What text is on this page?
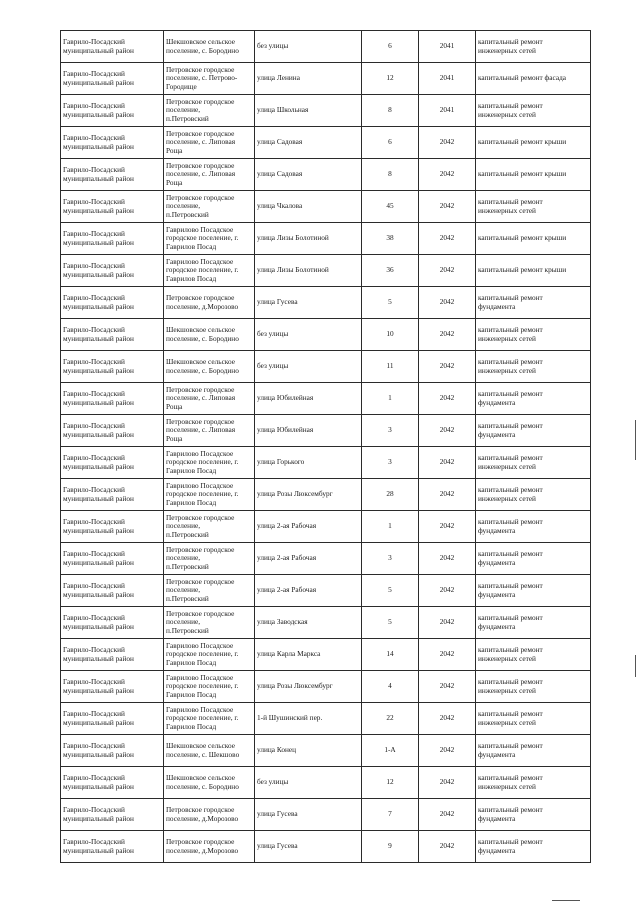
Гаврило-Посадский
муниципальный район	Шекшовское сельское
поселение, с. Бородино	без улицы	6	2041	капитальный ремонт
инженерных сетей

Гаврило-Посадский
муниципальный район	Петровское городское
поселение, с. Петрово-
Городище	улица Ленина	12	2041	капитальный ремонт фасада

Гаврило-Посадский
муниципальный район	Петровское городское
поселение,
п.Петровский	улица Школьная	8	2041	капитальный ремонт
инженерных сетей

Гаврило-Посадский
муниципальный район	Петровское городское
поселение, с. Липовая
Роща	улица Садовая	6	2042	капитальный ремонт крыши

Гаврило-Посадский
муниципальный район	Петровское городское
поселение, с. Липовая
Роща	улица Садовая	8	2042	капитальный ремонт крыши

Гаврило-Посадский
муниципальный район	Петровское городское
поселение,
п.Петровский	улица Чкалова	45	2042	капитальный ремонт
инженерных сетей

Гаврило-Посадский
муниципальный район	Гаврилово Посадское
городское поселение, г.
Гаврилов Посад	улица Лизы Болотиной	38	2042	капитальный ремонт крыши

Гаврило-Посадский
муниципальный район	Гаврилово Посадское
городское поселение, г.
Гаврилов Посад	улица Лизы Болотиной	36	2042	капитальный ремонт крыши

Гаврило-Посадский
муниципальный район	Петровское городское
поселение, д.Морозово	улица Гусева	5	2042	капитальный ремонт
фундамента

Гаврило-Посадский
муниципальный район	Шекшовское сельское
поселение, с. Бородино	без улицы	10	2042	капитальный ремонт
инженерных сетей

Гаврило-Посадский
муниципальный район	Шекшовское сельское
поселение, с. Бородино	без улицы	11	2042	капитальный ремонт
инженерных сетей

Гаврило-Посадский
муниципальный район	Петровское городское
поселение, с. Липовая
Роща	улица Юбилейная	1	2042	капитальный ремонт
фундамента

Гаврило-Посадский
муниципальный район	Петровское городское
поселение, с. Липовая
Роща	улица Юбилейная	3	2042	капитальный ремонт
фундамента

Гаврило-Посадский
муниципальный район	Гаврилово Посадское
городское поселение, г.
Гаврилов Посад	улица Горького	3	2042	капитальный ремонт
инженерных сетей

Гаврило-Посадский
муниципальный район	Гаврилово Посадское
городское поселение, г.
Гаврилов Посад	улица Розы Люксембург	28	2042	капитальный ремонт
инженерных сетей

Гаврило-Посадский
муниципальный район	Петровское городское
поселение,
п.Петровский	улица 2-ая Рабочая	1	2042	капитальный ремонт
фундамента

Гаврило-Посадский
муниципальный район	Петровское городское
поселение,
п.Петровский	улица 2-ая Рабочая	3	2042	капитальный ремонт
фундамента

Гаврило-Посадский
муниципальный район	Петровское городское
поселение,
п.Петровский	улица 2-ая Рабочая	5	2042	капитальный ремонт
фундамента

Гаврило-Посадский
муниципальный район	Петровское городское
поселение,
п.Петровский	улица Заводская	5	2042	капитальный ремонт
фундамента

Гаврило-Посадский
муниципальный район	Гаврилово Посадское
городское поселение, г.
Гаврилов Посад	улица Карла Маркса	14	2042	капитальный ремонт
инженерных сетей

Гаврило-Посадский
муниципальный район	Гаврилово Посадское
городское поселение, г.
Гаврилов Посад	улица Розы Люксембург	4	2042	капитальный ремонт
инженерных сетей

Гаврило-Посадский
муниципальный район	Гаврилово Посадское
городское поселение, г.
Гаврилов Посад	1-й Шушинский пер.	22	2042	капитальный ремонт
инженерных сетей

Гаврило-Посадский
муниципальный район	Шекшовское сельское
поселение, с. Шекшово	улица Конец	1-А	2042	капитальный ремонт
фундамента

Гаврило-Посадский
муниципальный район	Шекшовское сельское
поселение, с. Бородино	без улицы	12	2042	капитальный ремонт
инженерных сетей

Гаврило-Посадский
муниципальный район	Петровское городское
поселение, д.Морозово	улица Гусева	7	2042	капитальный ремонт
фундамента

Гаврило-Посадский
муниципальный район	Петровское городское
поселение, д.Морозово	улица Гусева	9	2042	капитальный ремонт
фундамента
